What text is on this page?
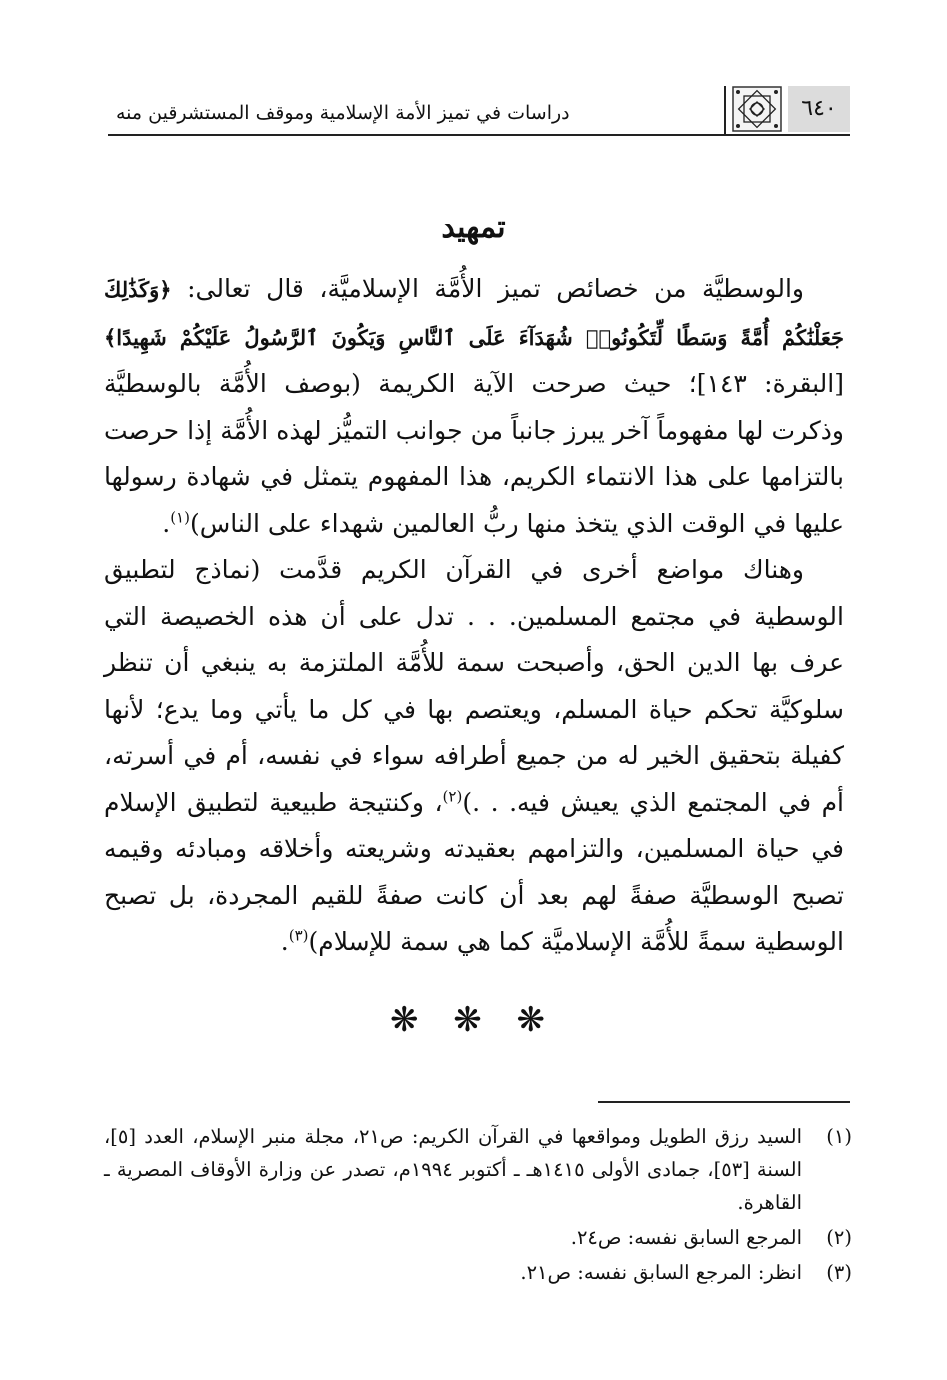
دراسات في تميز الأمة الإسلامية وموقف المستشرقين منه	٦٤٠
تمهيد

والوسطيَّة من خصائص تميز الأُمَّة الإسلاميَّة، قال تعالى: ﴿وَكَذَٰلِكَ جَعَلْنَٰكُمْ أُمَّةً وَسَطًا لِّتَكُونُوا۟ شُهَدَآءَ عَلَى ٱلنَّاسِ وَيَكُونَ ٱلرَّسُولُ عَلَيْكُمْ شَهِيدًا﴾ [البقرة: ١٤٣]؛ حيث صرحت الآية الكريمة (بوصف الأُمَّة بالوسطيَّة وذكرت لها مفهوماً آخر يبرز جانباً من جوانب التميُّز لهذه الأُمَّة إذا حرصت بالتزامها على هذا الانتماء الكريم، هذا المفهوم يتمثل في شهادة رسولها عليها في الوقت الذي يتخذ منها ربُّ العالمين شهداء على الناس)$^{(١)}$.

وهناك مواضع أخرى في القرآن الكريم قدَّمت (نماذج لتطبيق الوسطية في مجتمع المسلمين. . . تدل على أن هذه الخصيصة التي عرف بها الدين الحق، وأصبحت سمة للأُمَّة الملتزمة به ينبغي أن تنظر سلوكيَّة تحكم حياة المسلم، ويعتصم بها في كل ما يأتي وما يدع؛ لأنها كفيلة بتحقيق الخير له من جميع أطرافه سواء في نفسه، أم في أسرته، أم في المجتمع الذي يعيش فيه. . .)$^{(٢)}$، وكنتيجة طبيعية لتطبيق الإسلام في حياة المسلمين، والتزامهم بعقيدته وشريعته وأخلاقه ومبادئه وقيمه تصبح الوسطيَّة صفةً لهم بعد أن كانت صفةً للقيم المجردة، بل تصبح الوسطية سمةً للأُمَّة الإسلاميَّة كما هي سمة للإسلام)$^{(٣)}$.

❋ ❋ ❋
(١)
السيد رزق الطويل ومواقعها في القرآن الكريم: ص٢١، مجلة منبر الإسلام، العدد [٥]، السنة [٥٣]، جمادى الأولى ١٤١٥هـ ـ أكتوبر ١٩٩٤م، تصدر عن وزارة الأوقاف المصرية ـ القاهرة.
(٢)
المرجع السابق نفسه: ص٢٤.
(٣)
انظر: المرجع السابق نفسه: ص٢١.
